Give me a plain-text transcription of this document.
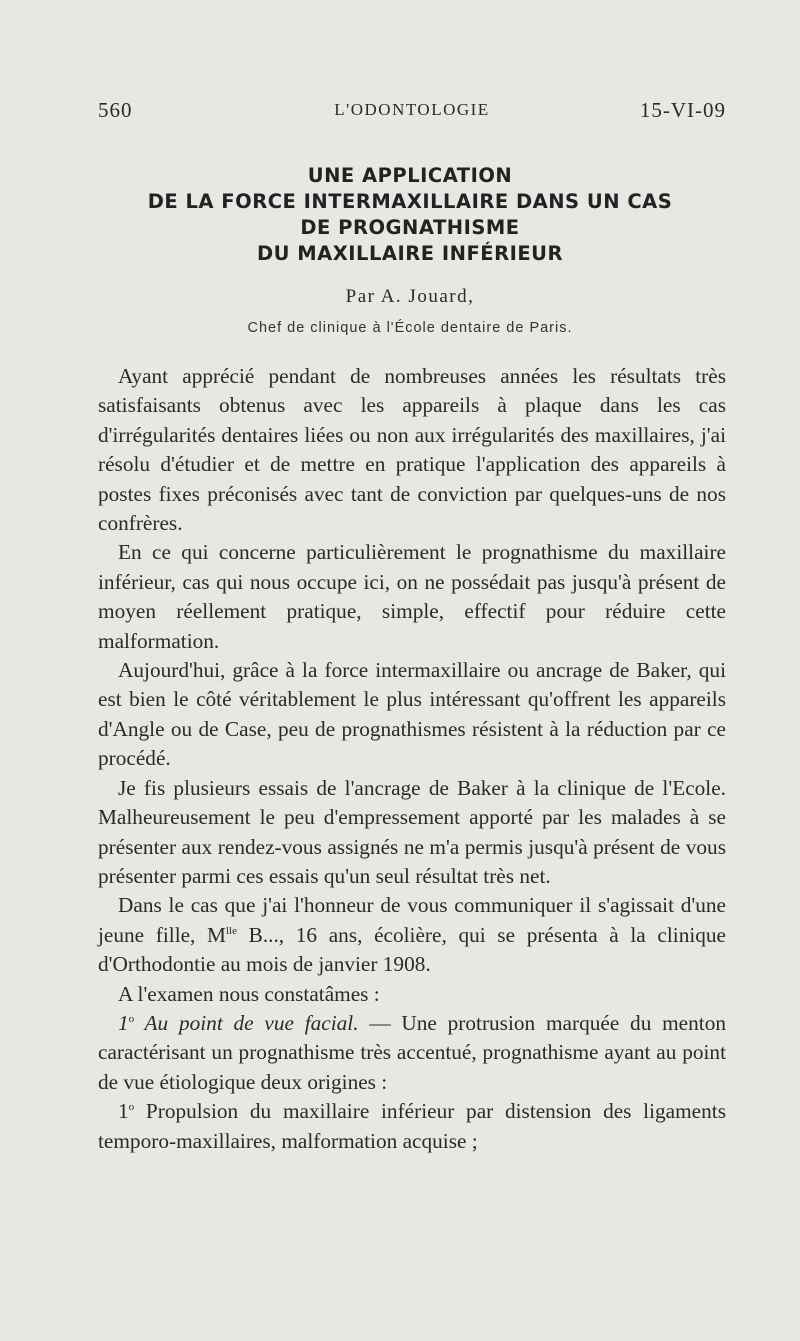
560	L'ODONTOLOGIE	15-VI-09
UNE APPLICATION
DE LA FORCE INTERMAXILLAIRE DANS UN CAS
DE PROGNATHISME
DU MAXILLAIRE INFÉRIEUR
Par A. Jouard,
Chef de clinique à l'École dentaire de Paris.

Ayant apprécié pendant de nombreuses années les résultats très satisfaisants obtenus avec les appareils à plaque dans les cas d'irrégularités dentaires liées ou non aux irrégularités des maxillaires, j'ai résolu d'étudier et de mettre en pratique l'application des appareils à postes fixes préconisés avec tant de conviction par quelques-uns de nos confrères.

En ce qui concerne particulièrement le prognathisme du maxillaire inférieur, cas qui nous occupe ici, on ne possédait pas jusqu'à présent de moyen réellement pratique, simple, effectif pour réduire cette malformation.

Aujourd'hui, grâce à la force intermaxillaire ou ancrage de Baker, qui est bien le côté véritablement le plus intéressant qu'offrent les appareils d'Angle ou de Case, peu de prognathismes résistent à la réduction par ce procédé.

Je fis plusieurs essais de l'ancrage de Baker à la clinique de l'Ecole. Malheureusement le peu d'empressement apporté par les malades à se présenter aux rendez-vous assignés ne m'a permis jusqu'à présent de vous présenter parmi ces essais qu'un seul résultat très net.

Dans le cas que j'ai l'honneur de vous communiquer il s'agissait d'une jeune fille, $M^{lle}$ B..., 16 ans, écolière, qui se présenta à la clinique d'Orthodontie au mois de janvier 1908.

A l'examen nous constatâmes :

1$^o$ Au point de vue facial. — Une protrusion marquée du menton caractérisant un prognathisme très accentué, prognathisme ayant au point de vue étiologique deux origines :

1$^o$ Propulsion du maxillaire inférieur par distension des ligaments temporo-maxillaires, malformation acquise ;
